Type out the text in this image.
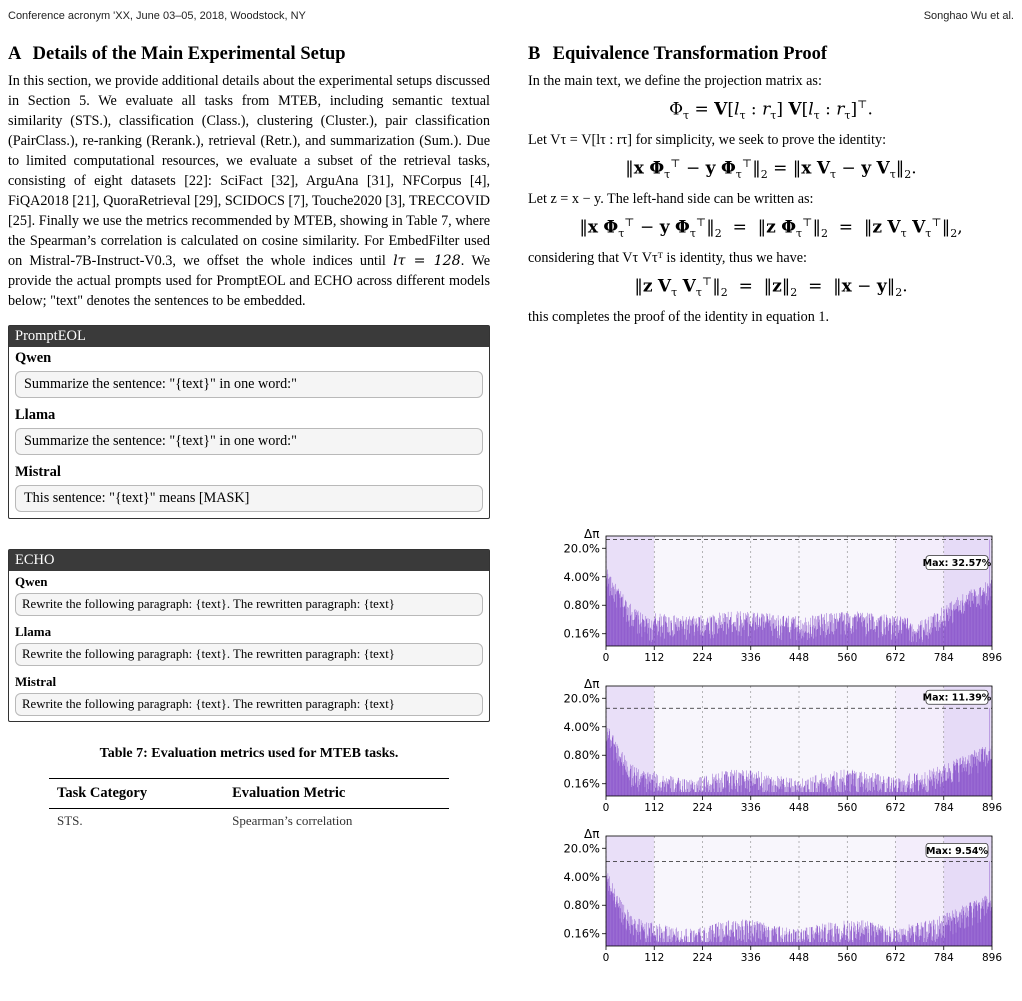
Conference acronym 'XX, June 03–05, 2018, Woodstock, NY	Songhao Wu et al.
A Details of the Main Experimental Setup

In this section, we provide additional details about the experimental setups discussed in Section 5. We evaluate all tasks from MTEB, including semantic textual similarity (STS.), classification (Class.), clustering (Cluster.), pair classification (PairClass.), re-ranking (Rerank.), retrieval (Retr.), and summarization (Sum.). Due to limited computational resources, we evaluate a subset of the retrieval tasks, consisting of eight datasets [22]: SciFact [32], ArguAna [31], NFCorpus [4], FiQA2018 [21], QuoraRetrieval [29], SCIDOCS [7], Touche2020 [3], TRECCOVID [25]. Finally we use the metrics recommended by MTEB, showing in Table 7, where the Spearman’s correlation is calculated on cosine similarity. For EmbedFilter used on Mistral-7B-Instruct-V0.3, we offset the whole indices until lτ = 128. We provide the actual prompts used for PromptEOL and ECHO across different models below; "text" denotes the sentences to be embedded.

PromptEOL
Qwen
Summarize the sentence: "{text}" in one word:"
Llama
Summarize the sentence: "{text}" in one word:"
Mistral
This sentence: "{text}" means [MASK]
ECHO
Qwen
Rewrite the following paragraph: {text}. The rewritten paragraph: {text}
Llama
Rewrite the following paragraph: {text}. The rewritten paragraph: {text}
Mistral
Rewrite the following paragraph: {text}. The rewritten paragraph: {text}
Table 7: Evaluation metrics used for MTEB tasks.
Task Category	Evaluation Metric
STS.	Spearman’s correlation
B Equivalence Transformation Proof

In the main text, we define the projection matrix as:

$\Phi_\tau = V[l_\tau$ : $r_\tau$] $V[l_\tau$ : $r_\tau]^⊤$.

Let Vτ = V[lτ : rτ] for simplicity, we seek to prove the identity:

‖x $\Phi_\tau^⊤ - y$ $\Phi_\tau^⊤‖_2$ = ‖x $V_\tau - y$ $V_\tau‖_2$.

Let z = x − y. The left-hand side can be written as:

‖x $\Phi_\tau^⊤ - y$ $\Phi_\tau^⊤‖_2$  =  ‖z $\Phi_\tau^⊤‖_2$  =  ‖z $V_\tau$ $V_\tau^⊤‖_2$,

considering that Vτ Vτᵀ is identity, thus we have:

‖z $V_\tau$ $V_\tau^⊤‖_2$  =  $‖z‖_2$  =  ‖x − $y‖_2$.

this completes the proof of the identity in equation 1.

Max: 32.57%
0.16%
0.80%
4.00%
20.0%
Δπ
0	112	224	336	448	560	672	784	896
Max: 11.39%
0.16%
0.80%
4.00%
20.0%
Δπ
0	112	224	336	448	560	672	784	896
Max: 9.54%
0.16%
0.80%
4.00%
20.0%
Δπ
0	112	224	336	448	560	672	784	896
